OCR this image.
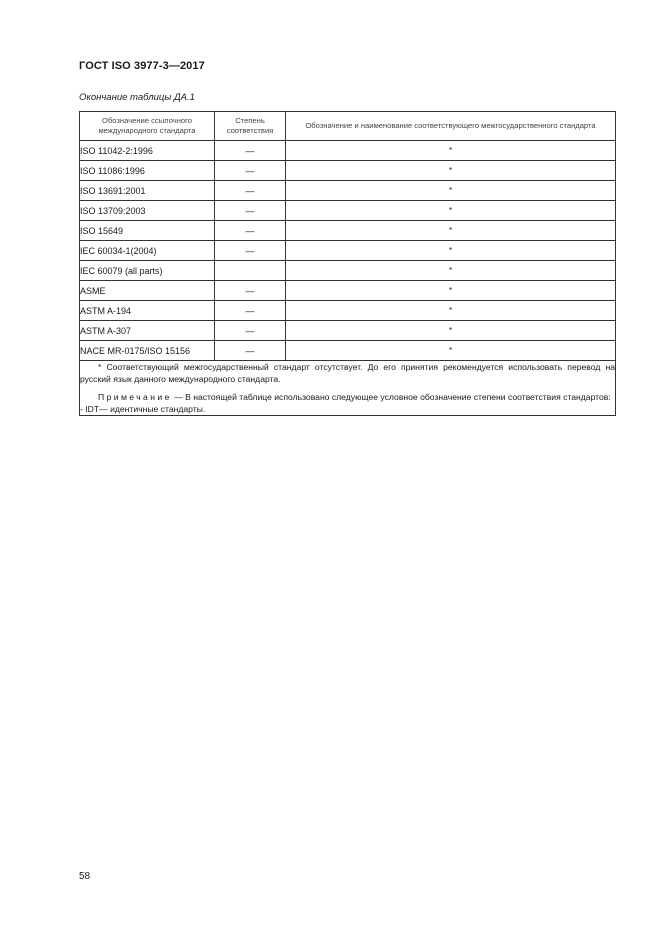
ГОСТ ISO 3977-3—2017
Окончание таблицы ДА.1
Обозначение ссылочного международного стандарта	Степень соответствия	Обозначение и наименование соответствующего межгосударственного стандарта
ISO 11042-2:1996	—	*
ISO 11086:1996	—	*
ISO 13691:2001	—	*
ISO 13709:2003	—	*
ISO 15649	—	*
IEC 60034-1(2004)	—	*
IEC 60079 (all parts)		*
ASME	—	*
ASTM A-194	—	*
ASTM A-307	—	*
NACE MR-0175/ISO 15156	—	*

* Соответствующий межгосударственный стандарт отсутствует. До его принятия рекомендуется использовать перевод на русский язык данного международного стандарта.

Примечание — В настоящей таблице использовано следующее условное обозначение степени соответствия стандартов:

- IDT— идентичные стандарты.		

58
